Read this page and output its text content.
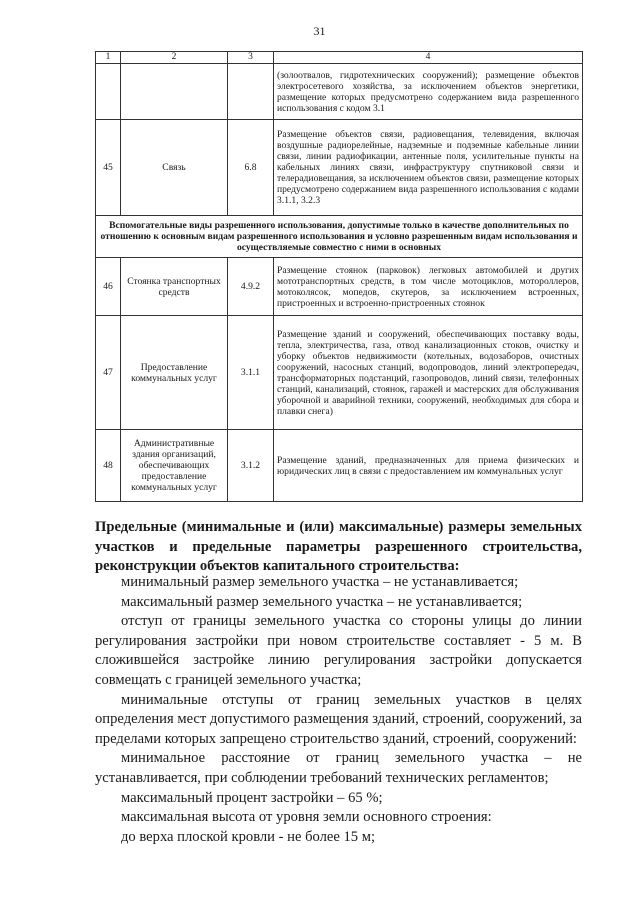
31
1	2	3	4
			(золоотвалов, гидротехнических сооружений); размещение объектов электросетевого хозяйства, за исключением объектов энергетики, размещение которых предусмотрено содержанием вида разрешенного использования с кодом 3.1
45	Связь	6.8	Размещение объектов связи, радиовещания, телевидения, включая воздушные радиорелейные, надземные и подземные кабельные линии связи, линии радиофикации, антенные поля, усилительные пункты на кабельных линиях связи, инфраструктуру спутниковой связи и телерадиовещания, за исключением объектов связи, размещение которых предусмотрено содержанием вида разрешенного использования с кодами 3.1.1, 3.2.3
Вспомогательные виды разрешенного использования, допустимые только в качестве дополнительных по отношению к основным видам разрешенного использования и условно разрешенным видам использования и осуществляемые совместно с ними в основных			
46	Стоянка транспортных средств	4.9.2	Размещение стоянок (парковок) легковых автомобилей и других мототранспортных средств, в том числе мотоциклов, мотороллеров, мотоколясок, мопедов, скутеров, за исключением встроенных, пристроенных и встроенно-пристроенных стоянок
47	Предоставление коммунальных услуг	3.1.1	Размещение зданий и сооружений, обеспечивающих поставку воды, тепла, электричества, газа, отвод канализационных стоков, очистку и уборку объектов недвижимости (котельных, водозаборов, очистных сооружений, насосных станций, водопроводов, линий электропередач, трансформаторных подстанций, газопроводов, линий связи, телефонных станций, канализаций, стоянок, гаражей и мастерских для обслуживания уборочной и аварийной техники, сооружений, необходимых для сбора и плавки снега)
48	Административные здания организаций, обеспечивающих предоставление коммунальных услуг	3.1.2	Размещение зданий, предназначенных для приема физических и юридических лиц в связи с предоставлением им коммунальных услуг
Предельные (минимальные и (или) максимальные) размеры земельных участков и предельные параметры разрешенного строительства, реконструкции объектов капитального строительства:

минимальный размер земельного участка – не устанавливается;

максимальный размер земельного участка – не устанавливается;

отступ от границы земельного участка со стороны улицы до линии регулирования застройки при новом строительстве составляет - 5 м. В сложившейся застройке линию регулирования застройки допускается совмещать с границей земельного участка;

минимальные отступы от границ земельных участков в целях определения мест допустимого размещения зданий, строений, сооружений, за пределами которых запрещено строительство зданий, строений, сооружений:

минимальное расстояние от границ земельного участка – не устанавливается, при соблюдении требований технических регламентов;

максимальный процент застройки – 65 %;

максимальная высота от уровня земли основного строения:

до верха плоской кровли - не более 15 м;
